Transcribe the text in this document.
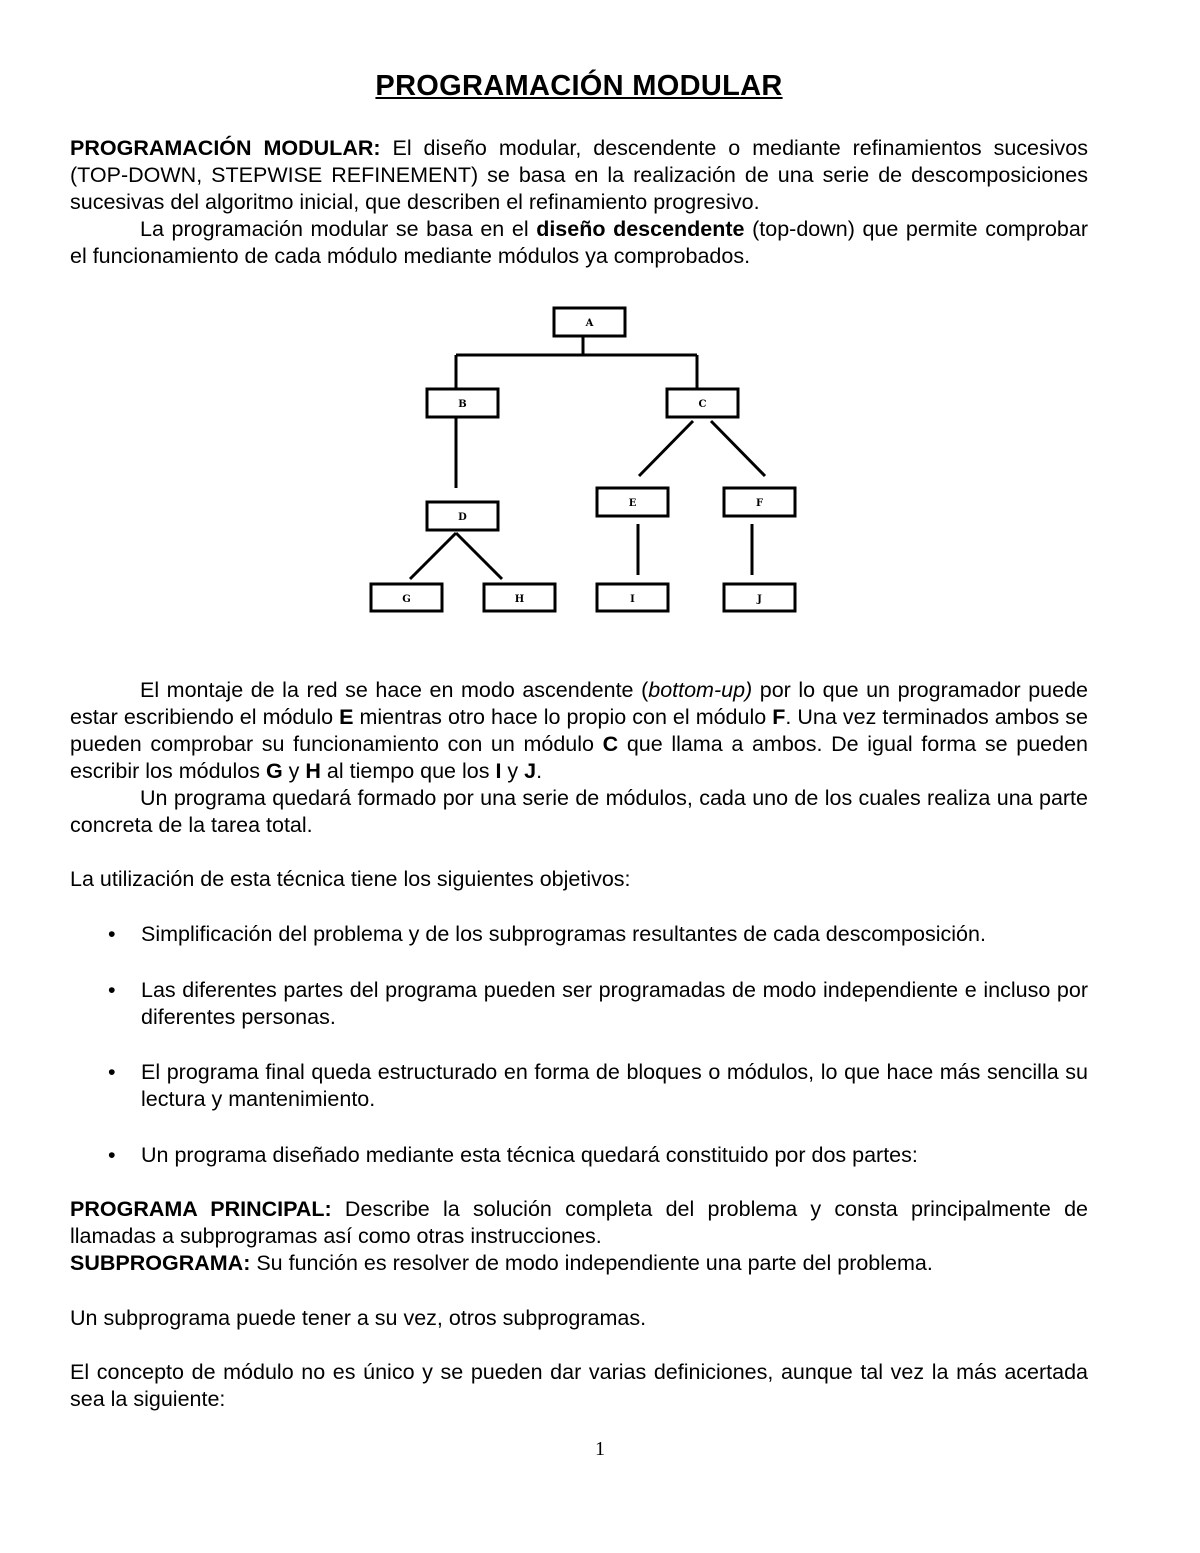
PROGRAMACIÓN MODULAR

PROGRAMACIÓN MODULAR: El diseño modular, descendente o mediante refinamientos sucesivos (TOP-DOWN, STEPWISE REFINEMENT) se basa en la realización de una serie de descomposiciones sucesivas del algoritmo inicial, que describen el refinamiento progresivo.

La programación modular se basa en el diseño descendente (top-down) que permite comprobar el funcionamiento de cada módulo mediante módulos ya comprobados.

El montaje de la red se hace en modo ascendente (bottom-up) por lo que un programador puede estar escribiendo el módulo E mientras otro hace lo propio con el módulo F. Una vez terminados ambos se pueden comprobar su funcionamiento con un módulo C que llama a ambos. De igual forma se pueden escribir los módulos G y H al tiempo que los I y J.

Un programa quedará formado por una serie de módulos, cada uno de los cuales realiza una parte concreta de la tarea total.

La utilización de esta técnica tiene los siguientes objetivos:

• Simplificación del problema y de los subprogramas resultantes de cada descomposición.
• Las diferentes partes del programa pueden ser programadas de modo independiente e incluso por diferentes personas.
• El programa final queda estructurado en forma de bloques o módulos, lo que hace más sencilla su lectura y mantenimiento.
• Un programa diseñado mediante esta técnica quedará constituido por dos partes:

PROGRAMA PRINCIPAL: Describe la solución completa del problema y consta principalmente de llamadas a subprogramas así como otras instrucciones.

SUBPROGRAMA: Su función es resolver de modo independiente una parte del problema.

Un subprograma puede tener a su vez, otros subprogramas.

El concepto de módulo no es único y se pueden dar varias definiciones, aunque tal vez la más acertada sea la siguiente:

A
B	C
D
E	F
G	H	I	J
1
